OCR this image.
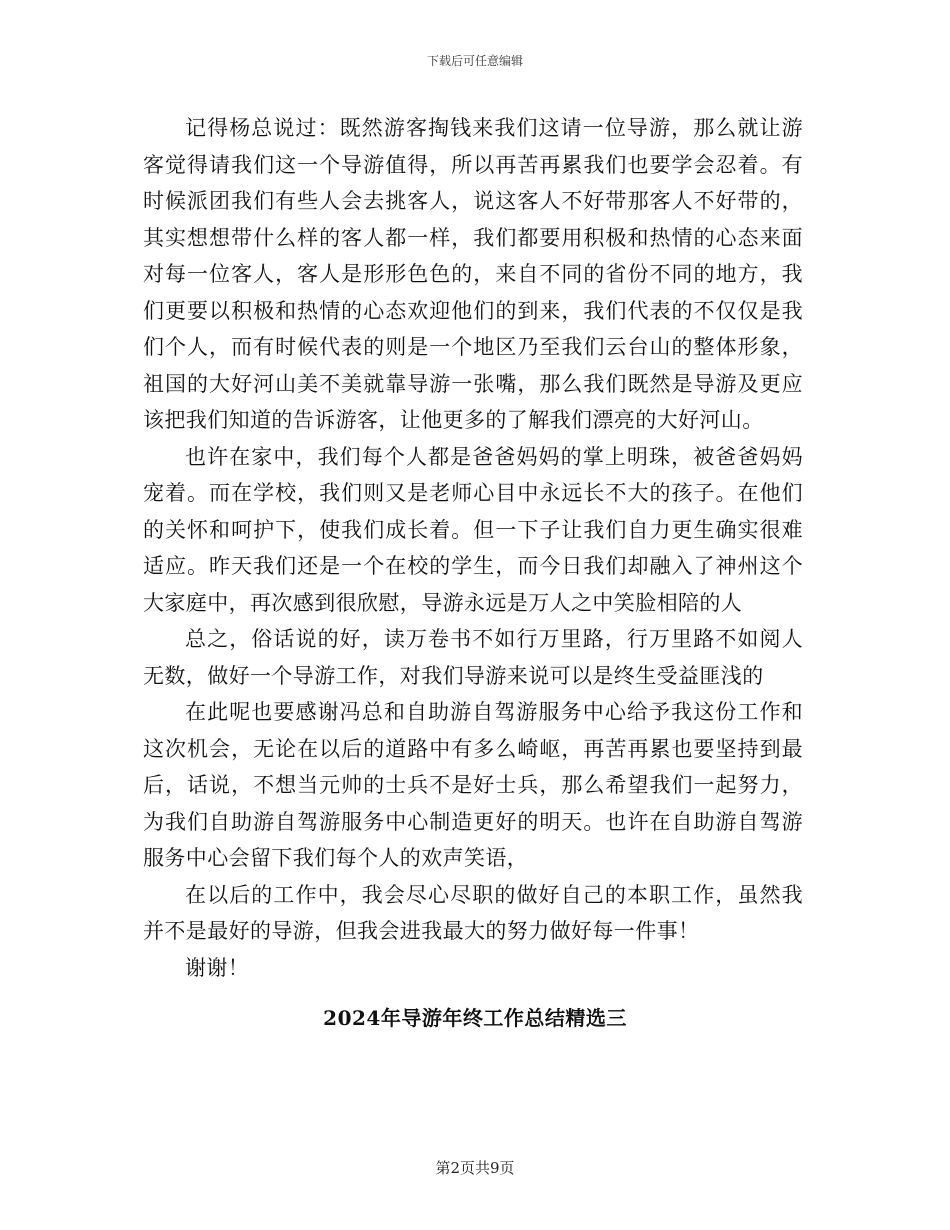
下载后可任意编辑

记得杨总说过：既然游客掏钱来我们这请一位导游，那么就让游客觉得请我们这一个导游值得，所以再苦再累我们也要学会忍着。有时候派团我们有些人会去挑客人，说这客人不好带那客人不好带的，其实想想带什么样的客人都一样，我们都要用积极和热情的心态来面对每一位客人，客人是形形色色的，来自不同的省份不同的地方，我们更要以积极和热情的心态欢迎他们的到来，我们代表的不仅仅是我们个人，而有时候代表的则是一个地区乃至我们云台山的整体形象，祖国的大好河山美不美就靠导游一张嘴，那么我们既然是导游及更应该把我们知道的告诉游客，让他更多的了解我们漂亮的大好河山。

也许在家中，我们每个人都是爸爸妈妈的掌上明珠，被爸爸妈妈宠着。而在学校，我们则又是老师心目中永远长不大的孩子。在他们的关怀和呵护下，使我们成长着。但一下子让我们自力更生确实很难适应。昨天我们还是一个在校的学生，而今日我们却融入了神州这个大家庭中，再次感到很欣慰，导游永远是万人之中笑脸相陪的人

总之，俗话说的好，读万卷书不如行万里路，行万里路不如阅人无数，做好一个导游工作，对我们导游来说可以是终生受益匪浅的

在此呢也要感谢冯总和自助游自驾游服务中心给予我这份工作和这次机会，无论在以后的道路中有多么崎岖，再苦再累也要坚持到最后，话说，不想当元帅的士兵不是好士兵，那么希望我们一起努力，为我们自助游自驾游服务中心制造更好的明天。也许在自助游自驾游服务中心会留下我们每个人的欢声笑语，

在以后的工作中，我会尽心尽职的做好自己的本职工作，虽然我并不是最好的导游，但我会进我最大的努力做好每一件事！

谢谢！

2024年导游年终工作总结精选三
第2页共9页
